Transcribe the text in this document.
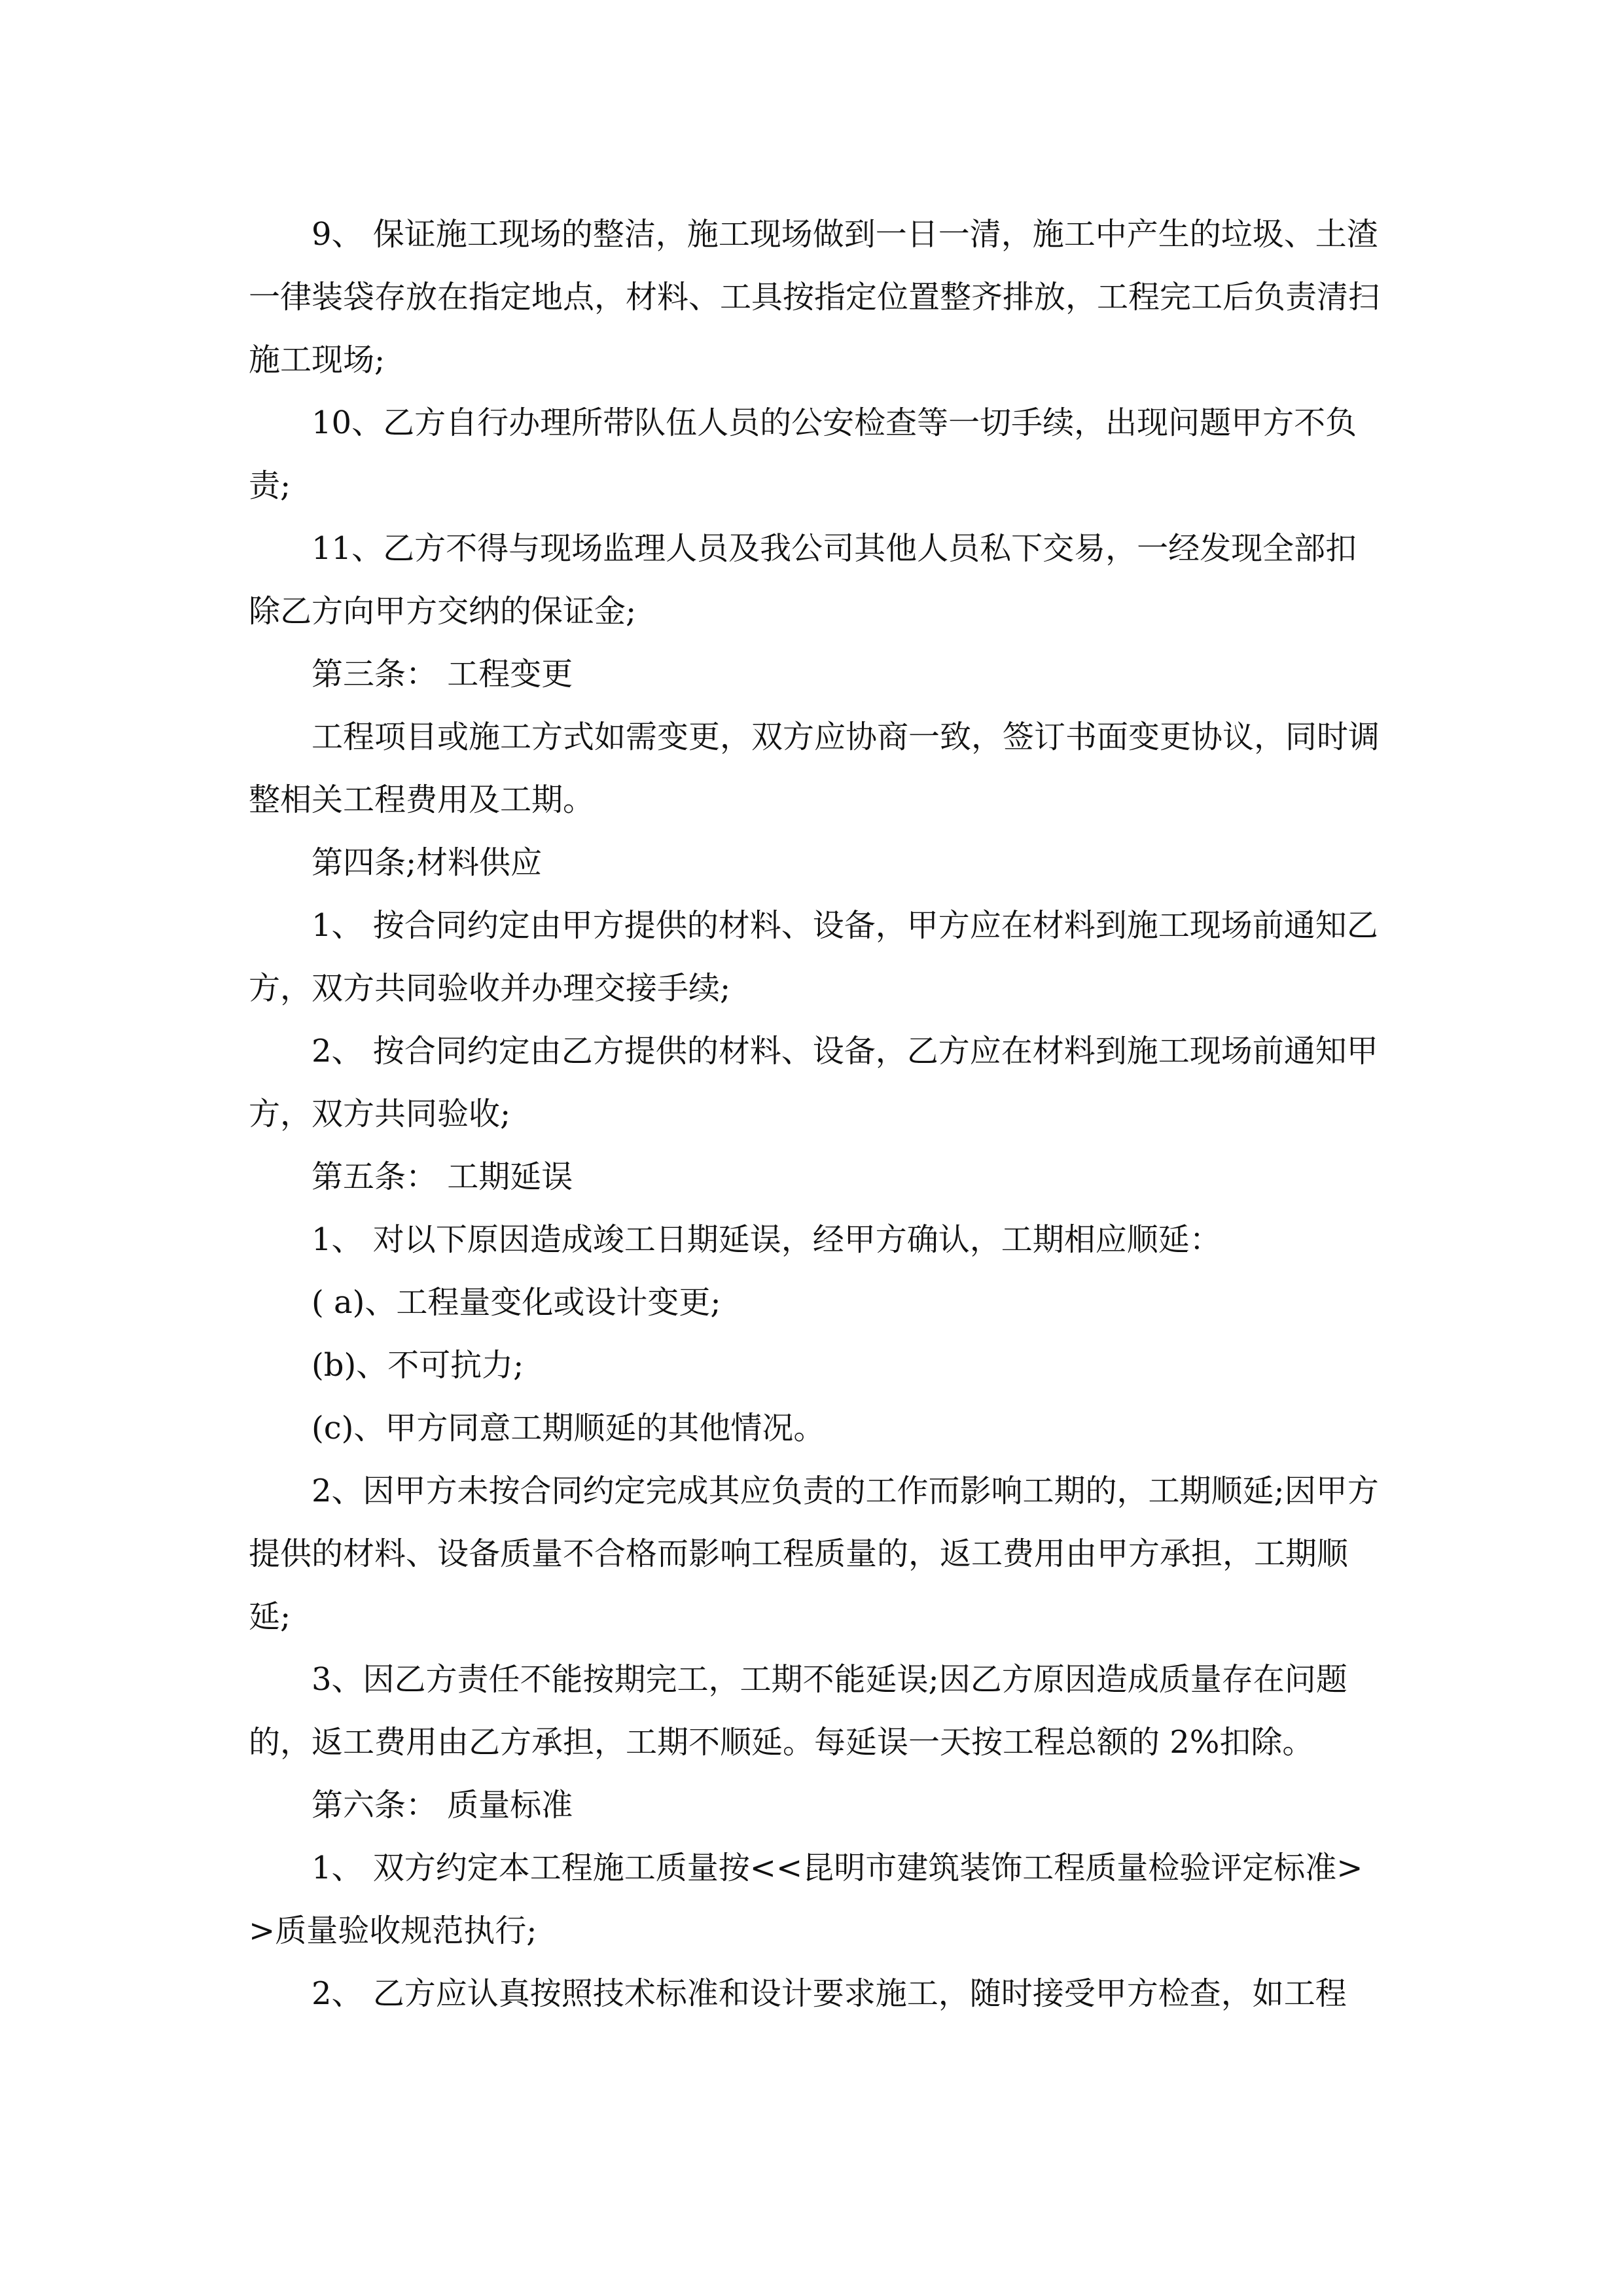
9、 保证施工现场的整洁，施工现场做到一日一清，施工中产生的垃圾、土渣一律装袋存放在指定地点，材料、工具按指定位置整齐排放，工程完工后负责清扫施工现场;

10、乙方自行办理所带队伍人员的公安检查等一切手续，出现问题甲方不负责;

11、乙方不得与现场监理人员及我公司其他人员私下交易，一经发现全部扣除乙方向甲方交纳的保证金;

第三条： 工程变更

工程项目或施工方式如需变更，双方应协商一致，签订书面变更协议，同时调整相关工程费用及工期。

第四条;材料供应

1、 按合同约定由甲方提供的材料、设备，甲方应在材料到施工现场前通知乙方，双方共同验收并办理交接手续;

2、 按合同约定由乙方提供的材料、设备，乙方应在材料到施工现场前通知甲方，双方共同验收;

第五条： 工期延误

1、 对以下原因造成竣工日期延误，经甲方确认，工期相应顺延：

( a)、工程量变化或设计变更;

(b)、不可抗力;

(c)、甲方同意工期顺延的其他情况。

2、因甲方未按合同约定完成其应负责的工作而影响工期的，工期顺延;因甲方提供的材料、设备质量不合格而影响工程质量的，返工费用由甲方承担，工期顺延;

3、因乙方责任不能按期完工，工期不能延误;因乙方原因造成质量存在问题的，返工费用由乙方承担，工期不顺延。每延误一天按工程总额的 2%扣除。

第六条： 质量标准

1、 双方约定本工程施工质量按<<昆明市建筑装饰工程质量检验评定标准>>质量验收规范执行;

2、 乙方应认真按照技术标准和设计要求施工，随时接受甲方检查，如工程
